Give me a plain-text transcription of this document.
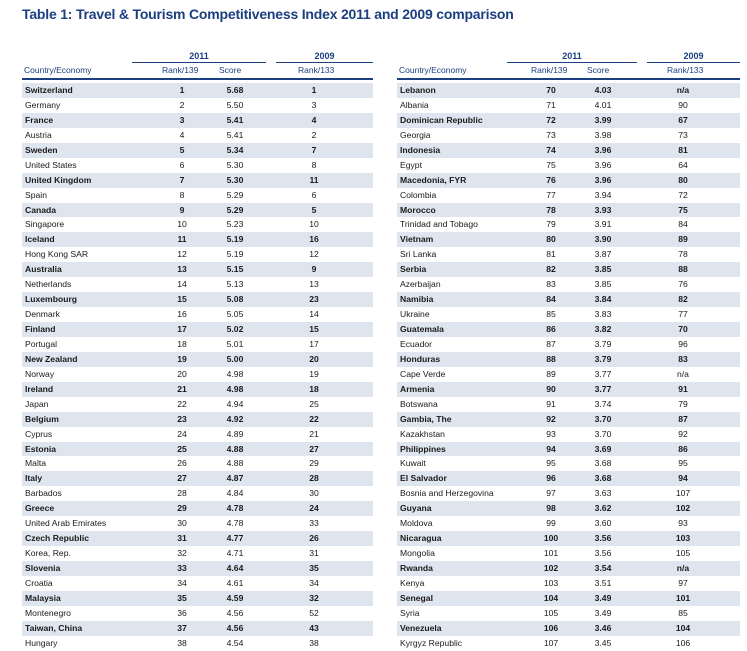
Table 1: Travel & Tourism Competitiveness Index 2011 and 2009 comparison
2011	2009
Country/Economy	Rank/139 Score	Rank/133
Switzerland	1	5.68	1
Germany	2	5.50	3
France	3	5.41	4
Austria	4	5.41	2
Sweden	5	5.34	7
United States	6	5.30	8
United Kingdom	7	5.30	11
Spain	8	5.29	6
Canada	9	5.29	5
Singapore	10	5.23	10
Iceland	11	5.19	16
Hong Kong SAR	12	5.19	12
Australia	13	5.15	9
Netherlands	14	5.13	13
Luxembourg	15	5.08	23
Denmark	16	5.05	14
Finland	17	5.02	15
Portugal	18	5.01	17
New Zealand	19	5.00	20
Norway	20	4.98	19
Ireland	21	4.98	18
Japan	22	4.94	25
Belgium	23	4.92	22
Cyprus	24	4.89	21
Estonia	25	4.88	27
Malta	26	4.88	29
Italy	27	4.87	28
Barbados	28	4.84	30
Greece	29	4.78	24
United Arab Emirates	30	4.78	33
Czech Republic	31	4.77	26
Korea, Rep.	32	4.71	31
Slovenia	33	4.64	35
Croatia	34	4.61	34
Malaysia	35	4.59	32
Montenegro	36	4.56	52
Taiwan, China	37	4.56	43
Hungary	38	4.54	38
2011	2009
Country/Economy	Rank/139 Score	Rank/133
Lebanon	70	4.03	n/a
Albania	71	4.01	90
Dominican Republic	72	3.99	67
Georgia	73	3.98	73
Indonesia	74	3.96	81
Egypt	75	3.96	64
Macedonia, FYR	76	3.96	80
Colombia	77	3.94	72
Morocco	78	3.93	75
Trinidad and Tobago	79	3.91	84
Vietnam	80	3.90	89
Sri Lanka	81	3.87	78
Serbia	82	3.85	88
Azerbaijan	83	3.85	76
Namibia	84	3.84	82
Ukraine	85	3.83	77
Guatemala	86	3.82	70
Ecuador	87	3.79	96
Honduras	88	3.79	83
Cape Verde	89	3.77	n/a
Armenia	90	3.77	91
Botswana	91	3.74	79
Gambia, The	92	3.70	87
Kazakhstan	93	3.70	92
Philippines	94	3.69	86
Kuwait	95	3.68	95
El Salvador	96	3.68	94
Bosnia and Herzegovina	97	3.63	107
Guyana	98	3.62	102
Moldova	99	3.60	93
Nicaragua	100	3.56	103
Mongolia	101	3.56	105
Rwanda	102	3.54	n/a
Kenya	103	3.51	97
Senegal	104	3.49	101
Syria	105	3.49	85
Venezuela	106	3.46	104
Kyrgyz Republic	107	3.45	106
